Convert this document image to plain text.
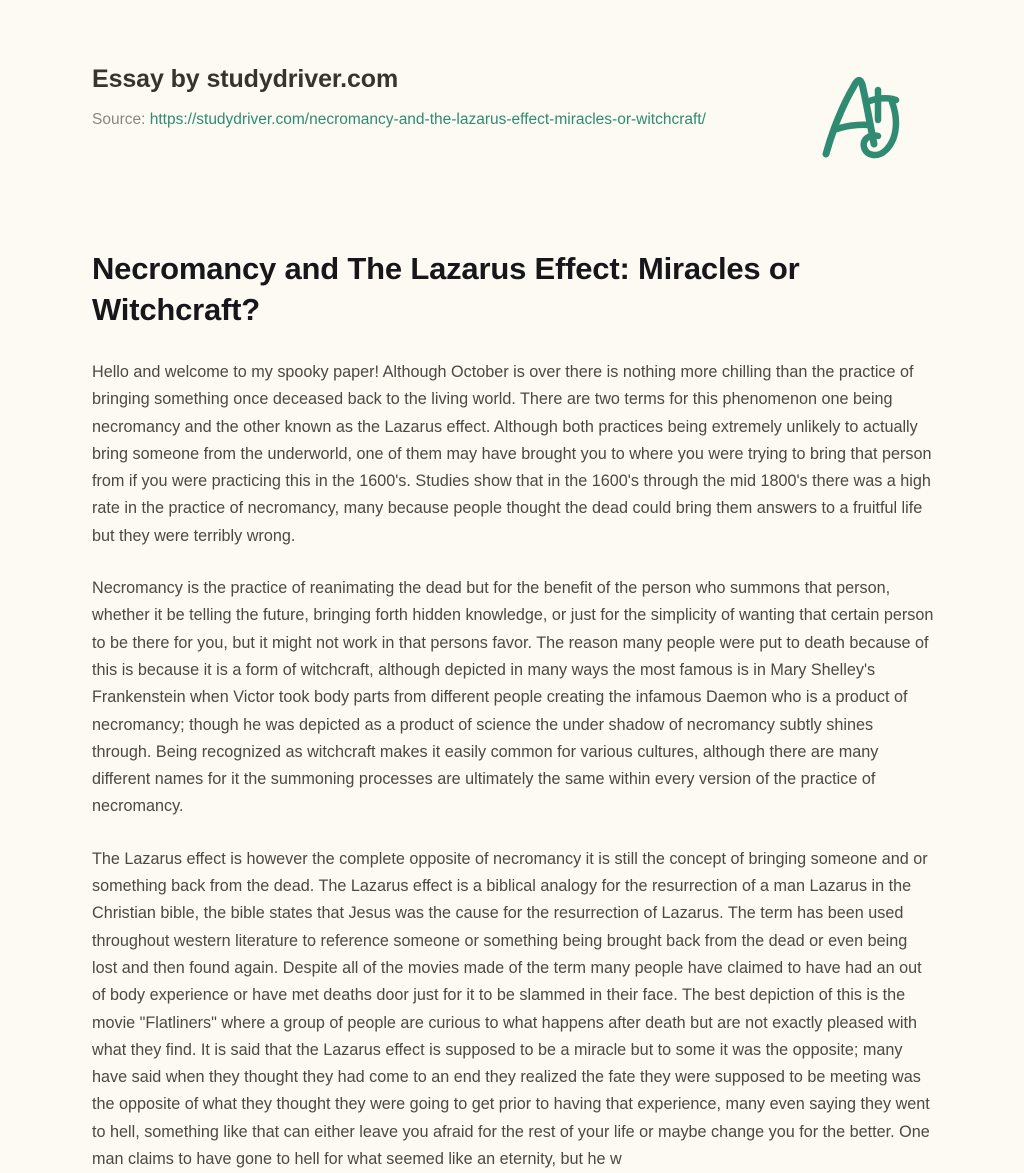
Essay by studydriver.com
Source: https://studydriver.com/necromancy-and-the-lazarus-effect-miracles-or-witchcraft/
Necromancy and The Lazarus Effect: Miracles or Witchcraft?

Hello and welcome to my spooky paper! Although October is over there is nothing more chilling than the practice of bringing something once deceased back to the living world. There are two terms for this phenomenon one being necromancy and the other known as the Lazarus effect. Although both practices being extremely unlikely to actually bring someone from the underworld, one of them may have brought you to where you were trying to bring that person from if you were practicing this in the 1600's. Studies show that in the 1600's through the mid 1800's there was a high rate in the practice of necromancy, many because people thought the dead could bring them answers to a fruitful life but they were terribly wrong.

Necromancy is the practice of reanimating the dead but for the benefit of the person who summons that person, whether it be telling the future, bringing forth hidden knowledge, or just for the simplicity of wanting that certain person to be there for you, but it might not work in that persons favor. The reason many people were put to death because of this is because it is a form of witchcraft, although depicted in many ways the most famous is in Mary Shelley's Frankenstein when Victor took body parts from different people creating the infamous Daemon who is a product of necromancy; though he was depicted as a product of science the under shadow of necromancy subtly shines through. Being recognized as witchcraft makes it easily common for various cultures, although there are many different names for it the summoning processes are ultimately the same within every version of the practice of necromancy.

The Lazarus effect is however the complete opposite of necromancy it is still the concept of bringing someone and or something back from the dead. The Lazarus effect is a biblical analogy for the resurrection of a man Lazarus in the Christian bible, the bible states that Jesus was the cause for the resurrection of Lazarus. The term has been used throughout western literature to reference someone or something being brought back from the dead or even being lost and then found again. Despite all of the movies made of the term many people have claimed to have had an out of body experience or have met deaths door just for it to be slammed in their face. The best depiction of this is the movie "Flatliners" where a group of people are curious to what happens after death but are not exactly pleased with what they find. It is said that the Lazarus effect is supposed to be a miracle but to some it was the opposite; many have said when they thought they had come to an end they realized the fate they were supposed to be meeting was the opposite of what they thought they were going to get prior to having that experience, many even saying they went to hell, something like that can either leave you afraid for the rest of your life or maybe change you for the better. One man claims to have gone to hell for what seemed like an eternity, but he w
